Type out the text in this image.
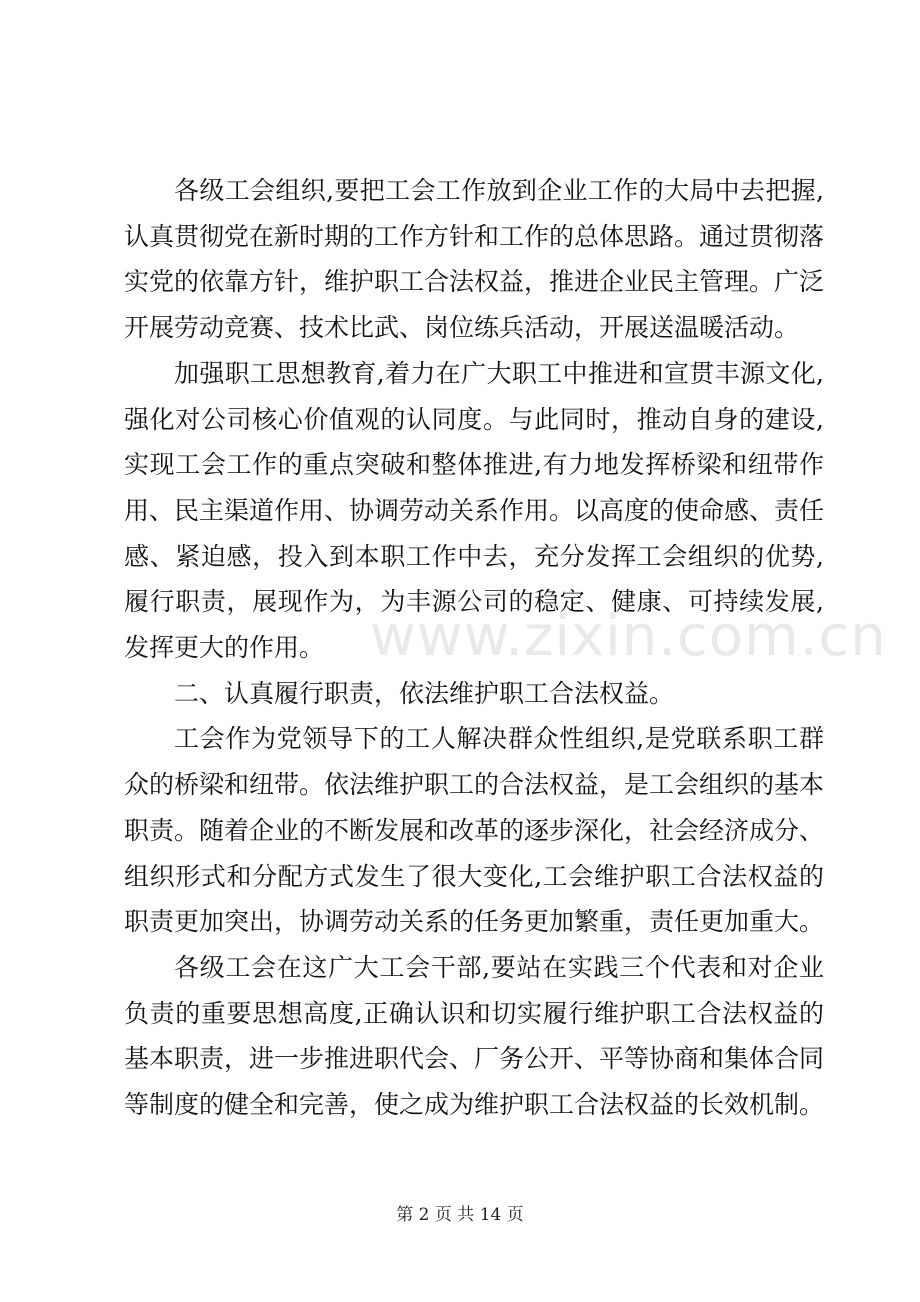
各级工会组织,要把工会工作放到企业工作的大局中去把握,认真贯彻党在新时期的工作方针和工作的总体思路。通过贯彻落实党的依靠方针，维护职工合法权益，推进企业民主管理。广泛开展劳动竞赛、技术比武、岗位练兵活动，开展送温暖活动。

加强职工思想教育,着力在广大职工中推进和宣贯丰源文化,强化对公司核心价值观的认同度。与此同时，推动自身的建设,实现工会工作的重点突破和整体推进,有力地发挥桥梁和纽带作用、民主渠道作用、协调劳动关系作用。以高度的使命感、责任感、紧迫感，投入到本职工作中去，充分发挥工会组织的优势,履行职责，展现作为，为丰源公司的稳定、健康、可持续发展,发挥更大的作用。

二、认真履行职责，依法维护职工合法权益。

工会作为党领导下的工人解决群众性组织,是党联系职工群众的桥梁和纽带。依法维护职工的合法权益，是工会组织的基本职责。随着企业的不断发展和改革的逐步深化，社会经济成分、组织形式和分配方式发生了很大变化,工会维护职工合法权益的职责更加突出，协调劳动关系的任务更加繁重，责任更加重大。

各级工会在这广大工会干部,要站在实践三个代表和对企业负责的重要思想高度,正确认识和切实履行维护职工合法权益的基本职责，进一步推进职代会、厂务公开、平等协商和集体合同等制度的健全和完善，使之成为维护职工合法权益的长效机制。

www.zixin.com.cn
第 2 页 共 14 页
